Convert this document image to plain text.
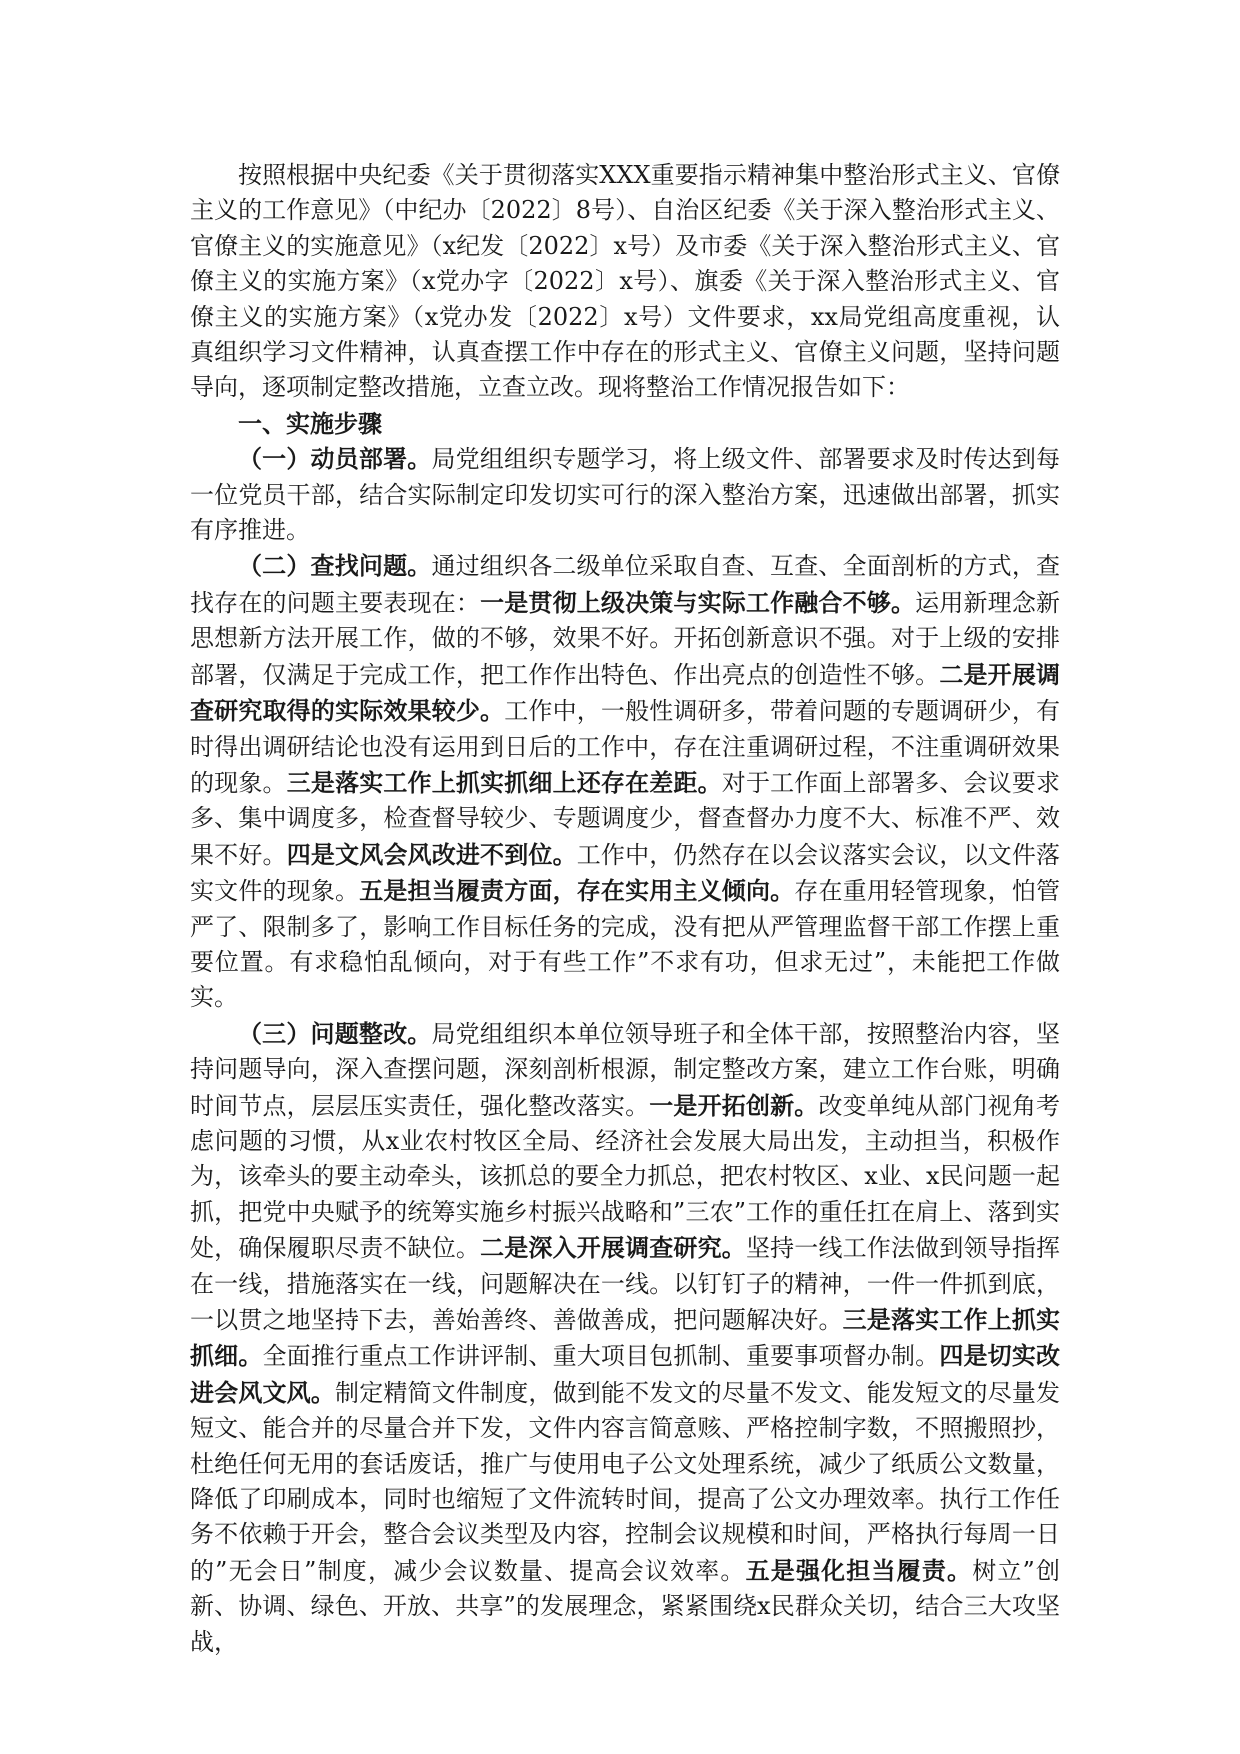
按照根据中央纪委《关于贯彻落实XXX重要指示精神集中整治形式主义、官僚主义的工作意见》（中纪办〔2022〕8号）、自治区纪委《关于深入整治形式主义、官僚主义的实施意见》（x纪发〔2022〕x号）及市委《关于深入整治形式主义、官僚主义的实施方案》（x党办字〔2022〕x号）、旗委《关于深入整治形式主义、官僚主义的实施方案》（x党办发〔2022〕x号）文件要求，xx局党组高度重视，认真组织学习文件精神，认真查摆工作中存在的形式主义、官僚主义问题，坚持问题导向，逐项制定整改措施，立查立改。现将整治工作情况报告如下：

一、实施步骤

（一）动员部署。局党组组织专题学习，将上级文件、部署要求及时传达到每一位党员干部，结合实际制定印发切实可行的深入整治方案，迅速做出部署，抓实有序推进。

（二）查找问题。通过组织各二级单位采取自查、互查、全面剖析的方式，查找存在的问题主要表现在：一是贯彻上级决策与实际工作融合不够。运用新理念新思想新方法开展工作，做的不够，效果不好。开拓创新意识不强。对于上级的安排部署，仅满足于完成工作，把工作作出特色、作出亮点的创造性不够。二是开展调查研究取得的实际效果较少。工作中，一般性调研多，带着问题的专题调研少，有时得出调研结论也没有运用到日后的工作中，存在注重调研过程，不注重调研效果的现象。三是落实工作上抓实抓细上还存在差距。对于工作面上部署多、会议要求多、集中调度多，检查督导较少、专题调度少，督查督办力度不大、标准不严、效果不好。四是文风会风改进不到位。工作中，仍然存在以会议落实会议，以文件落实文件的现象。五是担当履责方面，存在实用主义倾向。存在重用轻管现象，怕管严了、限制多了，影响工作目标任务的完成，没有把从严管理监督干部工作摆上重要位置。有求稳怕乱倾向，对于有些工作”不求有功，但求无过”，未能把工作做实。

（三）问题整改。局党组组织本单位领导班子和全体干部，按照整治内容，坚持问题导向，深入查摆问题，深刻剖析根源，制定整改方案，建立工作台账，明确时间节点，层层压实责任，强化整改落实。一是开拓创新。改变单纯从部门视角考虑问题的习惯，从x业农村牧区全局、经济社会发展大局出发，主动担当，积极作为，该牵头的要主动牵头，该抓总的要全力抓总，把农村牧区、x业、x民问题一起抓，把党中央赋予的统筹实施乡村振兴战略和”三农”工作的重任扛在肩上、落到实处，确保履职尽责不缺位。二是深入开展调查研究。坚持一线工作法做到领导指挥在一线，措施落实在一线，问题解决在一线。以钉钉子的精神，一件一件抓到底，一以贯之地坚持下去，善始善终、善做善成，把问题解决好。三是落实工作上抓实抓细。全面推行重点工作讲评制、重大项目包抓制、重要事项督办制。四是切实改进会风文风。制定精简文件制度，做到能不发文的尽量不发文、能发短文的尽量发短文、能合并的尽量合并下发，文件内容言简意赅、严格控制字数，不照搬照抄，杜绝任何无用的套话废话，推广与使用电子公文处理系统，减少了纸质公文数量，降低了印刷成本，同时也缩短了文件流转时间，提高了公文办理效率。执行工作任务不依赖于开会，整合会议类型及内容，控制会议规模和时间，严格执行每周一日的”无会日”制度，减少会议数量、提高会议效率。五是强化担当履责。树立”创新、协调、绿色、开放、共享”的发展理念，紧紧围绕x民群众关切，结合三大攻坚战，
